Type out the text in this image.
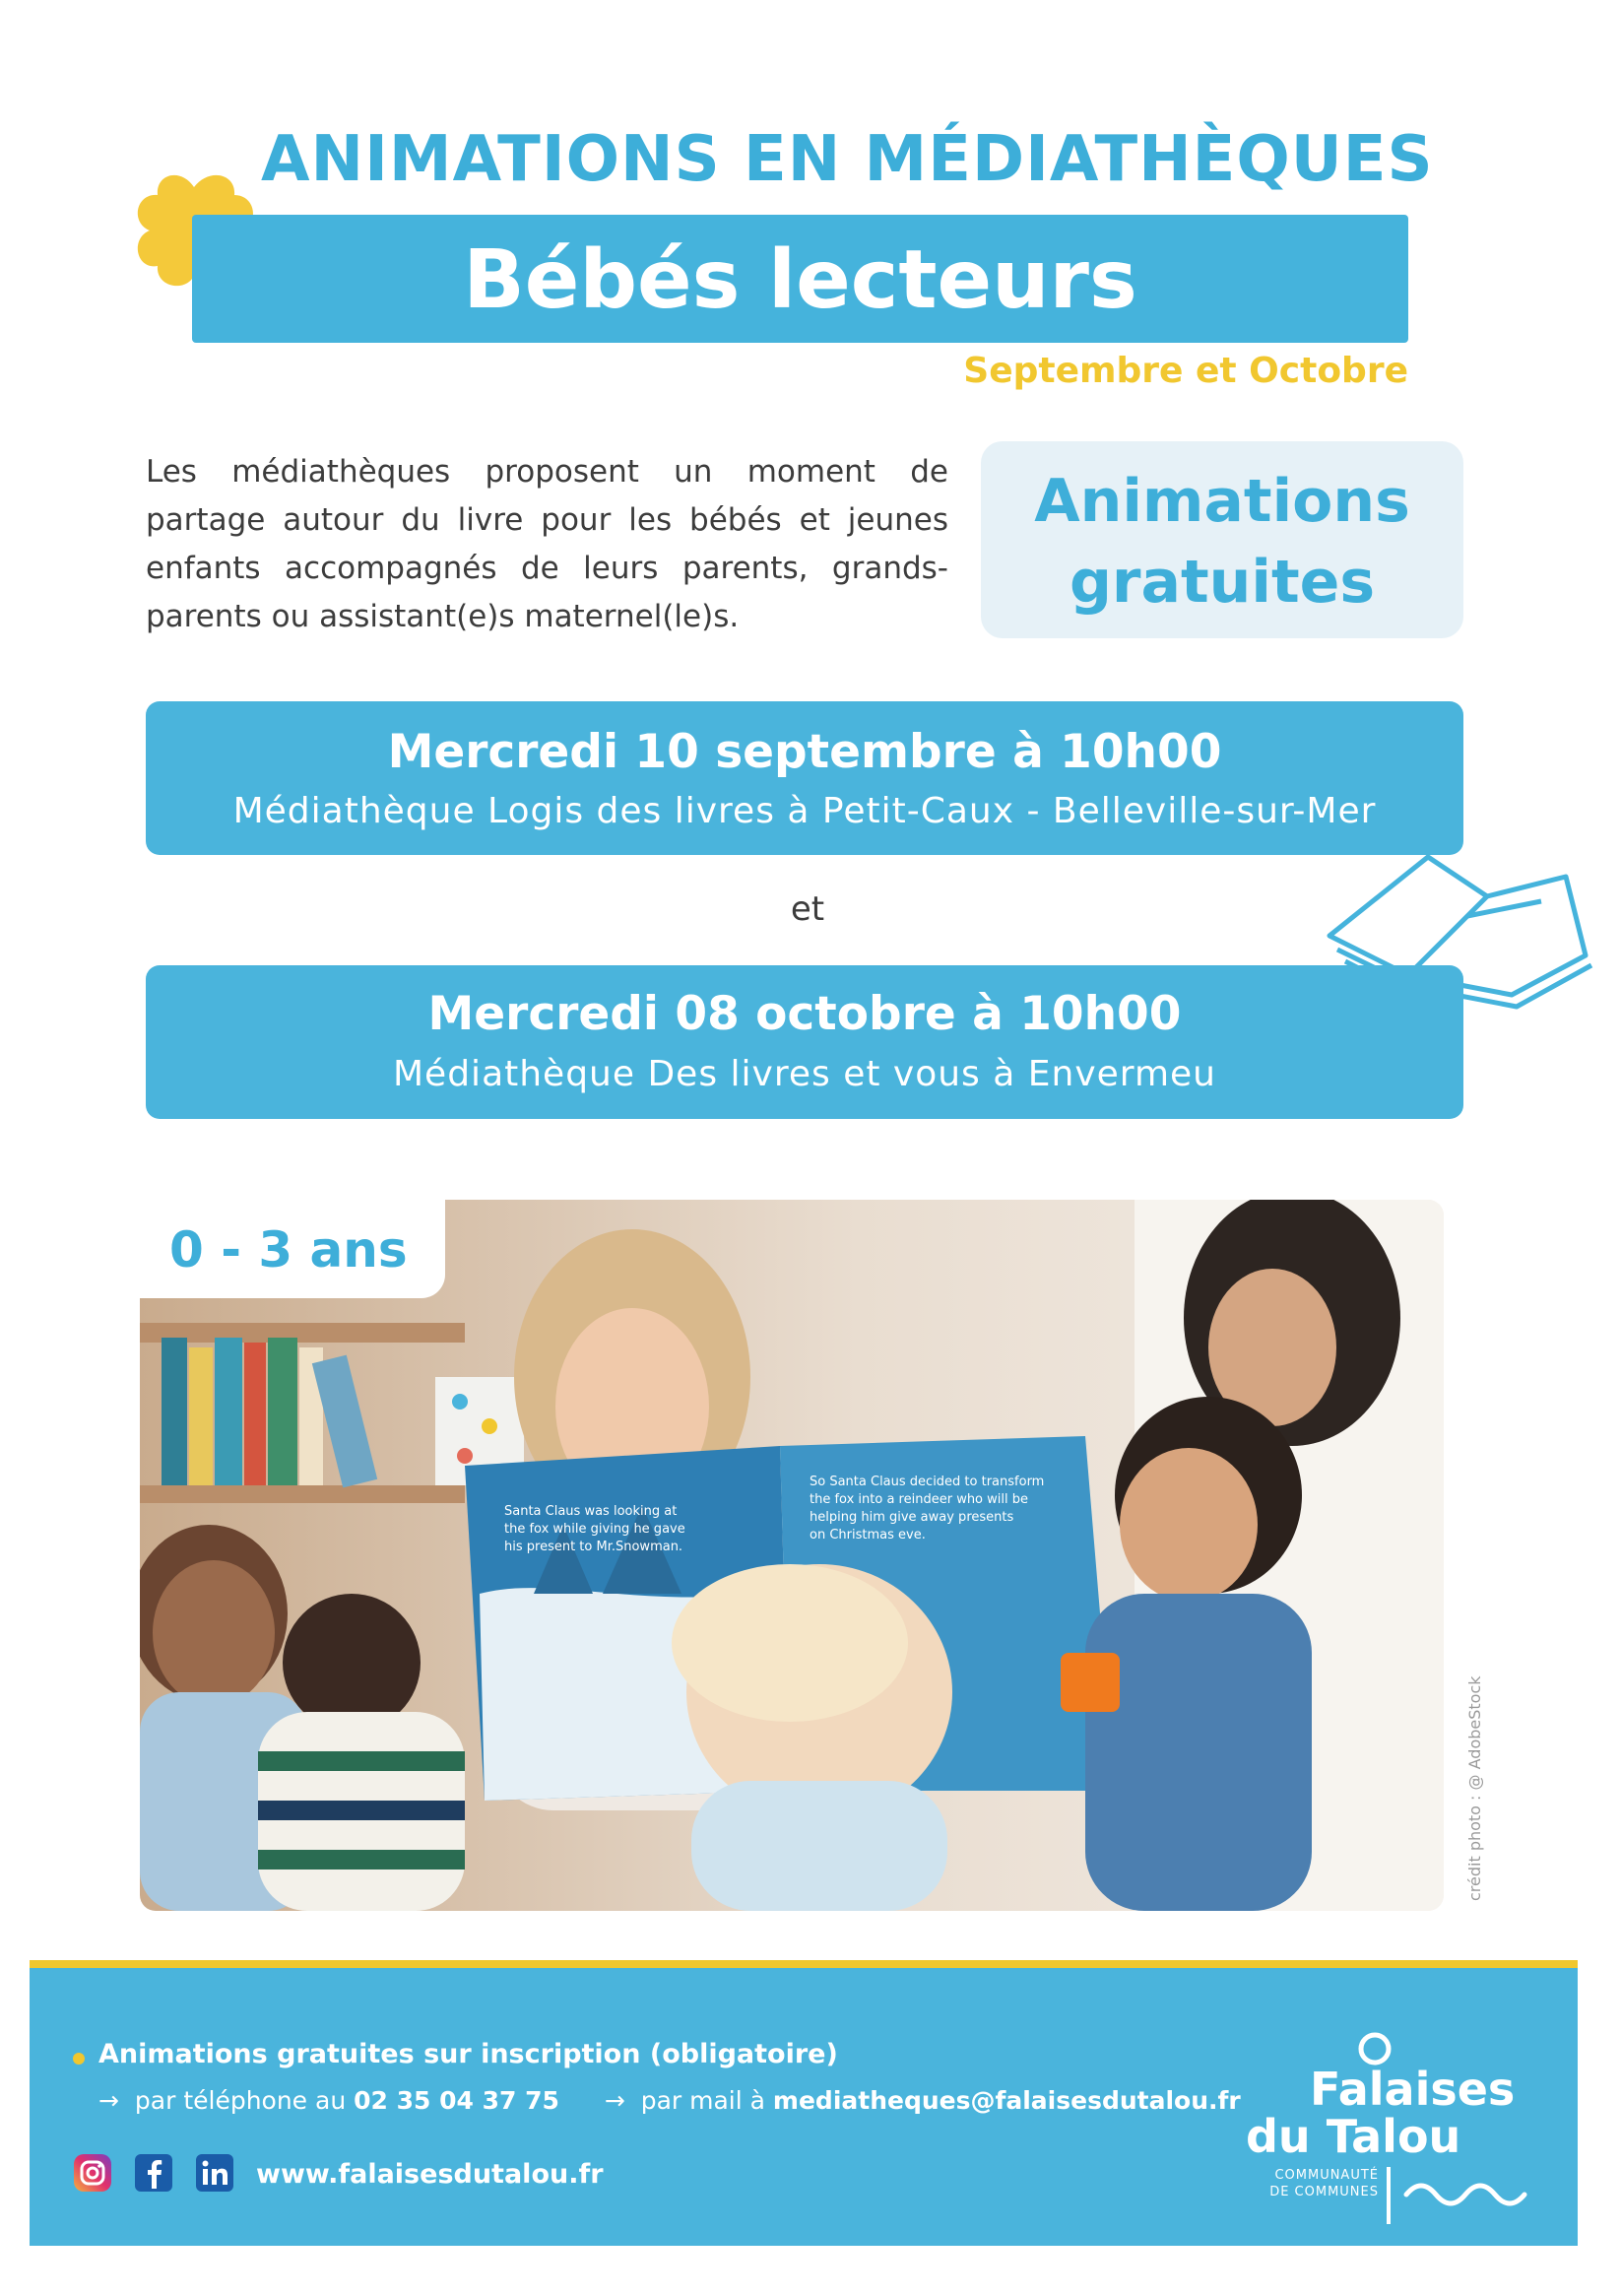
ANIMATIONS EN MÉDIATHÈQUES
Bébés lecteurs
Septembre et Octobre
Les médiathèques proposent un moment de partage autour du livre pour les bébés et jeunes enfants accompagnés de leurs parents, grands-parents ou assistant(e)s maternel(le)s.
Animations
gratuites
Mercredi 10 septembre à 10h00
Médiathèque Logis des livres à Petit-Caux - Belleville-sur-Mer
et
Mercredi 08 octobre à 10h00
Médiathèque Des livres et vous à Envermeu
Santa Claus was looking at the fox while giving he gave his present to Mr.Snowman.
So Santa Claus decided to transform the fox into a reindeer who will be helping him give away presents on Christmas eve.
0 - 3 ans
crédit photo : @ AdobeStock
Animations gratuites sur inscription (obligatoire)
→ par téléphone au 02 35 04 37 75 → par mail à mediatheques@falaisesdutalou.fr
www.falaisesdutalou.fr
Falaises
du Talou
COMMUNAUTÉ
DE COMMUNES
